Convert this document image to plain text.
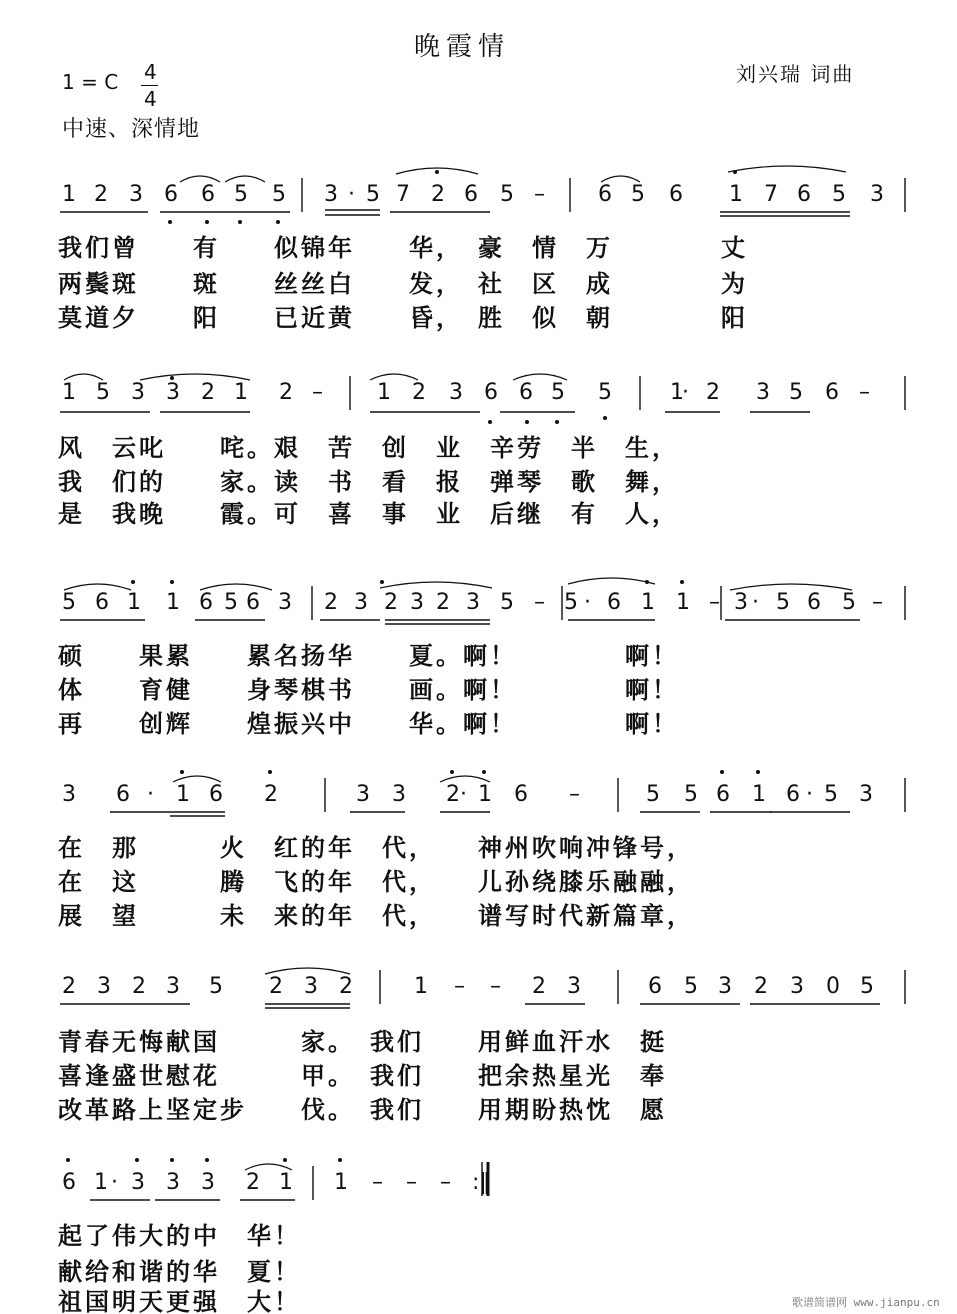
晚霞情
刘兴瑞 词曲
1 = C 4
4
中速、深情地
1 2 3 6 6 5 5 3 · 5 7 2 6 5 – 6 5 6 1 7 6 5 3
我们曾　　有　　似锦年　　华，　豪　情　万　　　　丈
两鬓斑　　斑　　丝丝白　　发，　社　区　成　　　　为
莫道夕　　阳　　已近黄　　昏，　胜　似　朝　　　　阳
1 5 3 3 2 1 2 – 1 2 3 6 6 5 5	1
· 2 3 5 6 –
风　云叱　　咤。艰　苦　创　业　辛劳　半　生，
我　们的　　家。读　书　看　报　弹琴　歌　舞，
是　我晚　　霞。可　喜　事　业　后继　有　人，
5 6 1 1 6 5 6 3 2 3 2 3 2 3 5 – 5 · 6 1 1 – 3 · 5 6 5 –
硕　　果累　　累名扬华　　夏。啊！　　　　啊！
体　　育健　　身琴棋书　　画。啊！　　　　啊！
再　　创辉　　煌振兴中　　华。啊！　　　　啊！
3 6 · 1 6 2	3 3 2 · 1 6 –	5 5 6 1 6 · 5 3
在　那　　　火　红的年　代，　　神州吹响冲锋号，
在　这　　　腾　飞的年　代，　　儿孙绕膝乐融融，
展　望　　　未　来的年　代，　　谱写时代新篇章，
2 3 2 3 5 2 3 2	1 – – 2 3	6 5 3 2 3 0 5
青春无悔献国　　　家。　我们　　用鲜血汗水　挺
喜逢盛世慰花　　　甲。　我们　　把余热星光　奉
改革路上坚定步　　伐。　我们　　用期盼热忱　愿
6 1 · 3 3 3 2 1 1 – – – :‖
起了伟大的中　华！
献给和谐的华　夏！
祖国明天更强　大！	歌谱简谱网 www.jianpu.cn
